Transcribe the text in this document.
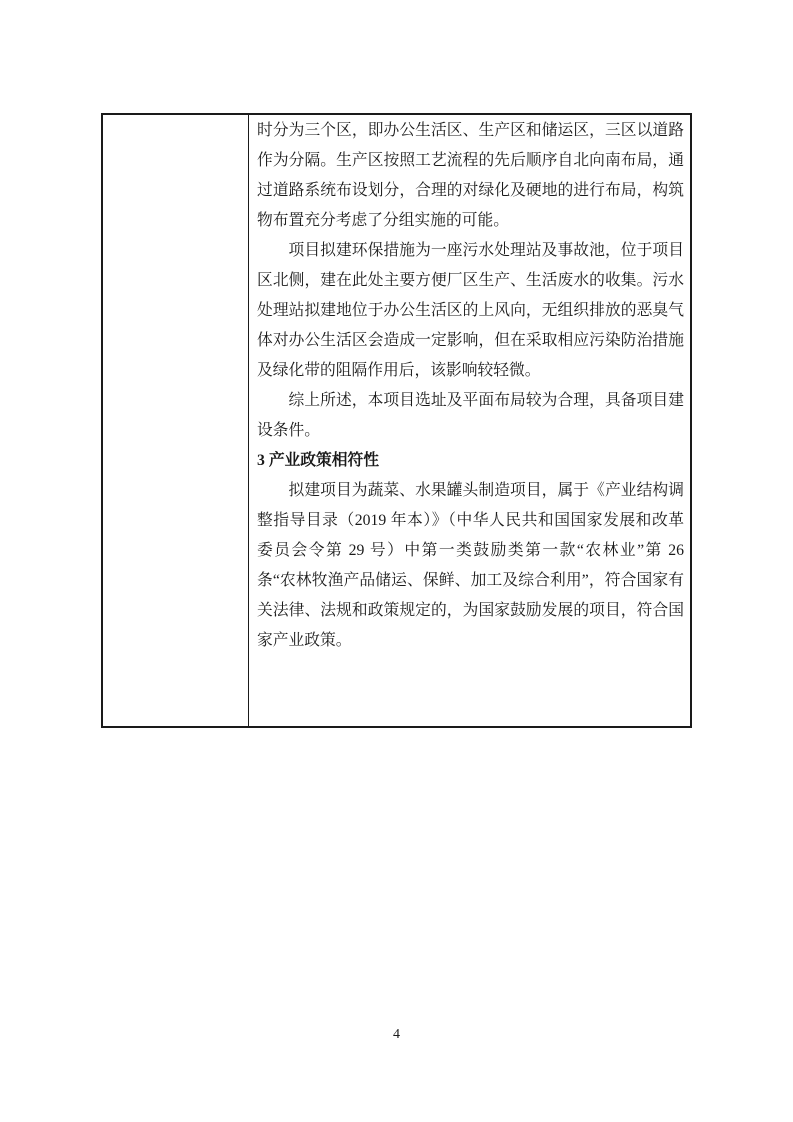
时分为三个区，即办公生活区、生产区和储运区，三区以道路作为分隔。生产区按照工艺流程的先后顺序自北向南布局，通过道路系统布设划分，合理的对绿化及硬地的进行布局，构筑物布置充分考虑了分组实施的可能。

项目拟建环保措施为一座污水处理站及事故池，位于项目区北侧，建在此处主要方便厂区生产、生活废水的收集。污水处理站拟建地位于办公生活区的上风向，无组织排放的恶臭气体对办公生活区会造成一定影响，但在采取相应污染防治措施及绿化带的阻隔作用后，该影响较轻微。

综上所述，本项目选址及平面布局较为合理，具备项目建设条件。

3 产业政策相符性

拟建项目为蔬菜、水果罐头制造项目，属于《产业结构调整指导目录（2019 年本）》（中华人民共和国国家发展和改革委员会令第 29 号）中第一类鼓励类第一款“农林业”第 26 条“农林牧渔产品储运、保鲜、加工及综合利用”，符合国家有关法律、法规和政策规定的，为国家鼓励发展的项目，符合国家产业政策。

4
